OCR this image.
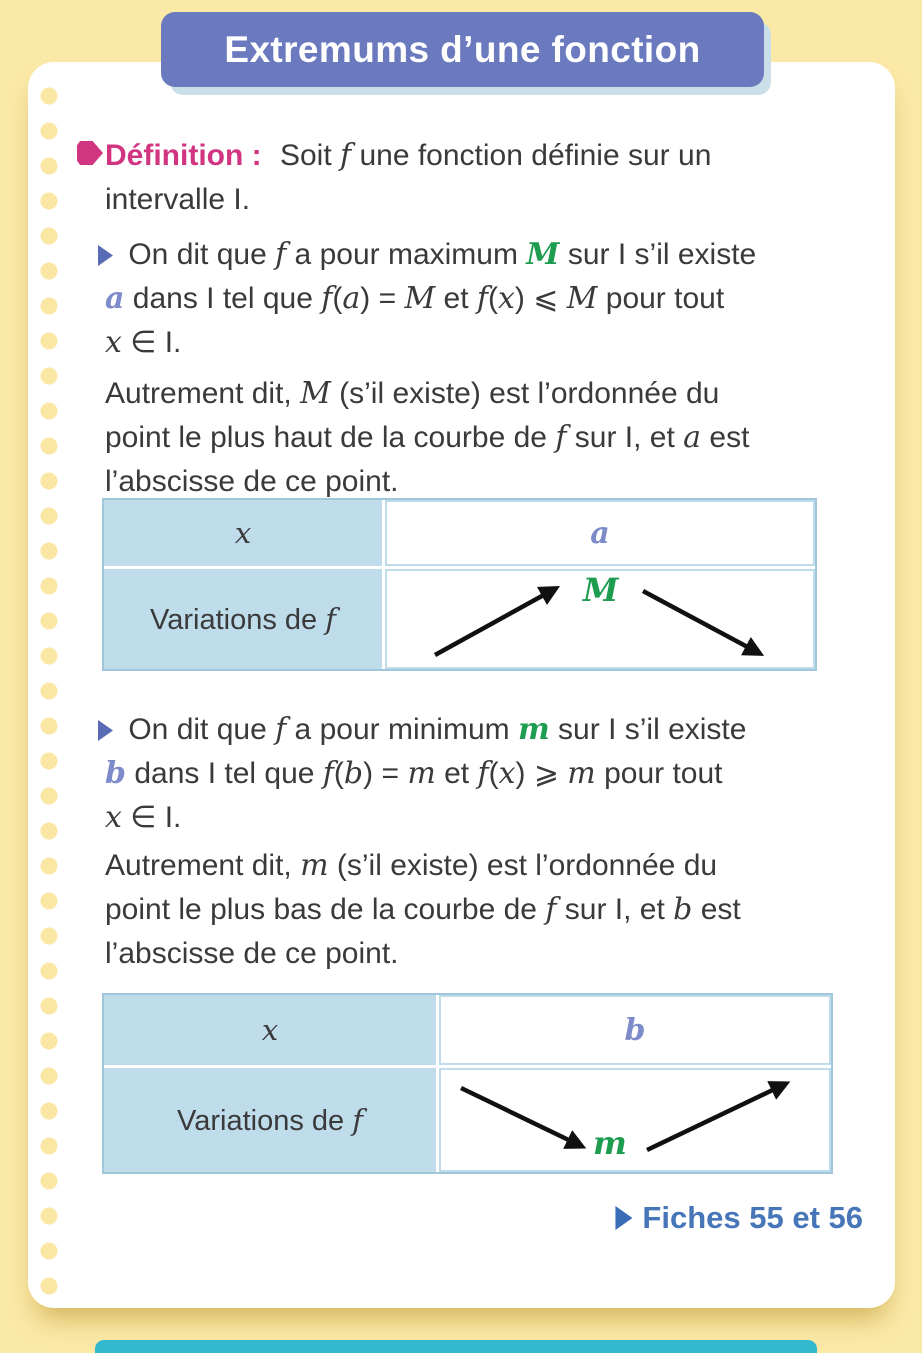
Définition : Soit f une fonction définie sur un
intervalle I.
On dit que f a pour maximum M sur I s’il existe
a dans I tel que f(a) = M et f(x) ⩽ M pour tout
x ∈ I.
Autrement dit, M (s’il existe) est l’ordonnée du
point le plus haut de la courbe de f sur I, et a est
l’abscisse de ce point.
x	a
Variations de f
M
On dit que f a pour minimum m sur I s’il existe
b dans I tel que f(b) = m et f(x) ⩾ m pour tout
x ∈ I.
Autrement dit, m (s’il existe) est l’ordonnée du
point le plus bas de la courbe de f sur I, et b est
l’abscisse de ce point.
x	b
Variations de f
m
Fiches 55 et 56
Extremums d’une fonction
